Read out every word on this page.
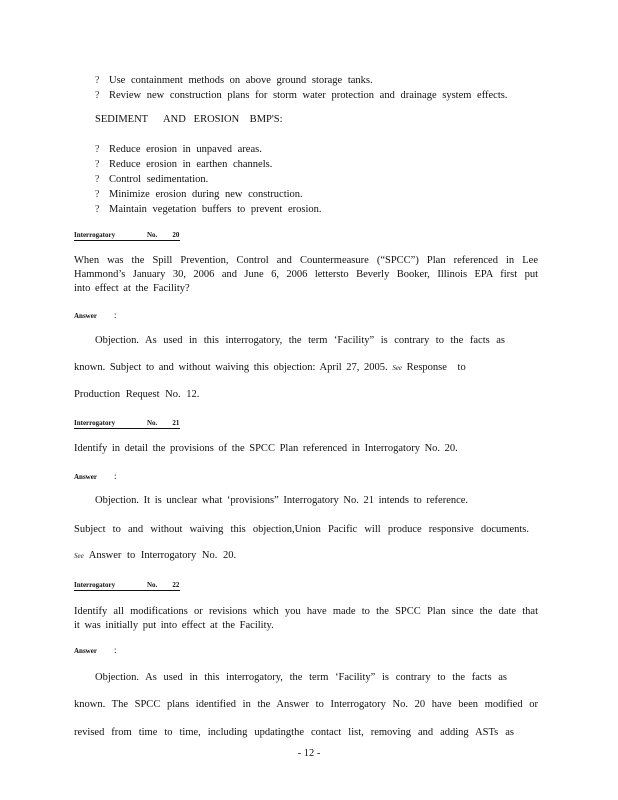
? Use containment methods on above ground storage tanks.
? Review new construction plans for storm water protection and drainage system effects.
SEDIMENT      AND   EROSION    BMP'S:
? Reduce erosion in unpaved areas.
? Reduce erosion in earthen channels.
? Control sedimentation.
? Minimize erosion during new construction.
? Maintain vegetation buffers to prevent erosion.
Interrogatory	No. 20
When was the Spill Prevention, Control and Countermeasure (“SPCC”) Plan referenced in Lee
Hammond’s January 30, 2006 and June 6, 2006 lettersto Beverly Booker, Illinois EPA first put
into effect at the Facility?
Answer :
Objection. As used in this interrogatory, the term ‘Facility” is contrary to the facts as
known. Subject to and without waiving this objection: April 27, 2005. See Response to
Production Request No. 12.
Interrogatory	No. 21
Identify in detail the provisions of the SPCC Plan referenced in Interrogatory No. 20.
Answer :
Objection. It is unclear what ‘provisions” Interrogatory No. 21 intends to reference.
Subject to and without waiving this objection,Union Pacific will produce responsive documents.
See Answer to Interrogatory No. 20.
Interrogatory	No. 22
Identify all modifications or revisions which you have made to the SPCC Plan since the date that
it was initially put into effect at the Facility.
Answer :
Objection. As used in this interrogatory, the term ‘Facility” is contrary to the facts as
known. The SPCC plans identified in the Answer to Interrogatory No. 20 have been modified or
revised from time to time, including updatingthe contact list, removing and adding ASTs as
- 12 -
